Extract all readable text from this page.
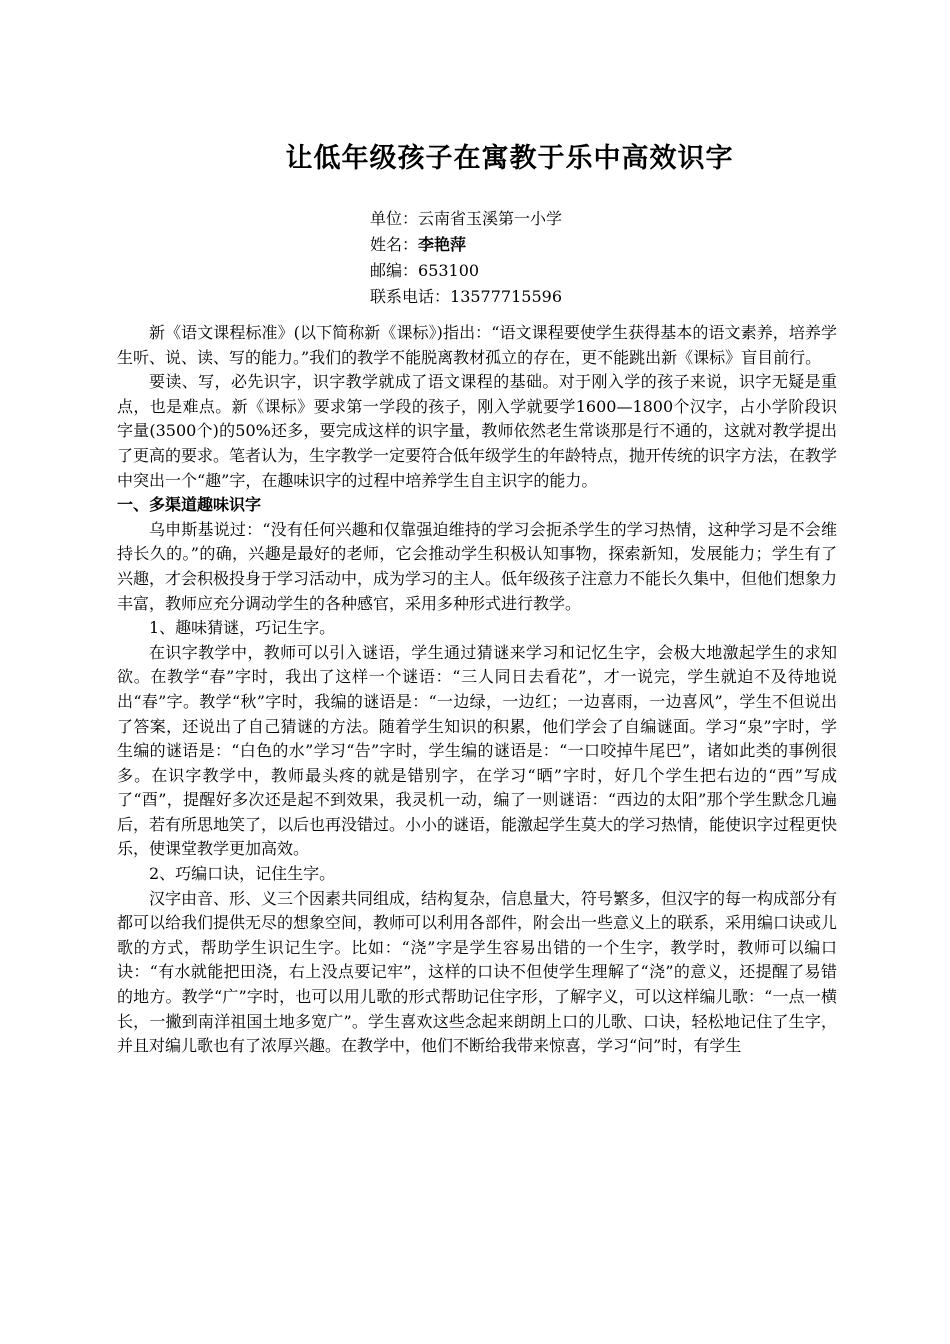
让低年级孩子在寓教于乐中高效识字
单位：云南省玉溪第一小学
姓名：李艳萍
邮编：653100
联系电话：13577715596

新《语文课程标准》(以下简称新《课标》)指出：“语文课程要使学生获得基本的语文素养，培养学生听、说、读、写的能力。”我们的教学不能脱离教材孤立的存在，更不能跳出新《课标》盲目前行。

要读、写，必先识字，识字教学就成了语文课程的基础。对于刚入学的孩子来说，识字无疑是重点，也是难点。新《课标》要求第一学段的孩子，刚入学就要学1600—1800个汉字，占小学阶段识字量(3500个)的50%还多，要完成这样的识字量，教师依然老生常谈那是行不通的，这就对教学提出了更高的要求。笔者认为，生字教学一定要符合低年级学生的年龄特点，抛开传统的识字方法，在教学中突出一个“趣”字，在趣味识字的过程中培养学生自主识字的能力。

一、多渠道趣味识字

乌申斯基说过：“没有任何兴趣和仅靠强迫维持的学习会扼杀学生的学习热情，这种学习是不会维持长久的。”的确，兴趣是最好的老师，它会推动学生积极认知事物，探索新知，发展能力；学生有了兴趣，才会积极投身于学习活动中，成为学习的主人。低年级孩子注意力不能长久集中，但他们想象力丰富，教师应充分调动学生的各种感官，采用多种形式进行教学。

1、趣味猜谜，巧记生字。

在识字教学中，教师可以引入谜语，学生通过猜谜来学习和记忆生字，会极大地激起学生的求知欲。在教学“春”字时，我出了这样一个谜语：“三人同日去看花”，才一说完，学生就迫不及待地说出“春”字。教学“秋”字时，我编的谜语是：“一边绿，一边红；一边喜雨，一边喜风”，学生不但说出了答案，还说出了自己猜谜的方法。随着学生知识的积累，他们学会了自编谜面。学习“泉”字时，学生编的谜语是：“白色的水”学习“告”字时，学生编的谜语是：“一口咬掉牛尾巴”，诸如此类的事例很多。在识字教学中，教师最头疼的就是错别字，在学习“晒”字时，好几个学生把右边的“西”写成了“酉”，提醒好多次还是起不到效果，我灵机一动，编了一则谜语：“西边的太阳”那个学生默念几遍后，若有所思地笑了，以后也再没错过。小小的谜语，能激起学生莫大的学习热情，能使识字过程更快乐，使课堂教学更加高效。

2、巧编口诀，记住生字。

汉字由音、形、义三个因素共同组成，结构复杂，信息量大，符号繁多，但汉字的每一构成部分有都可以给我们提供无尽的想象空间，教师可以利用各部件，附会出一些意义上的联系，采用编口诀或儿歌的方式，帮助学生识记生字。比如：“浇”字是学生容易出错的一个生字，教学时，教师可以编口诀：“有水就能把田浇，右上没点要记牢”，这样的口诀不但使学生理解了“浇”的意义，还提醒了易错的地方。教学“广”字时，也可以用儿歌的形式帮助记住字形，了解字义，可以这样编儿歌：“一点一横长，一撇到南洋祖国土地多宽广”。学生喜欢这些念起来朗朗上口的儿歌、口诀，轻松地记住了生字，并且对编儿歌也有了浓厚兴趣。在教学中，他们不断给我带来惊喜，学习“问”时，有学生
